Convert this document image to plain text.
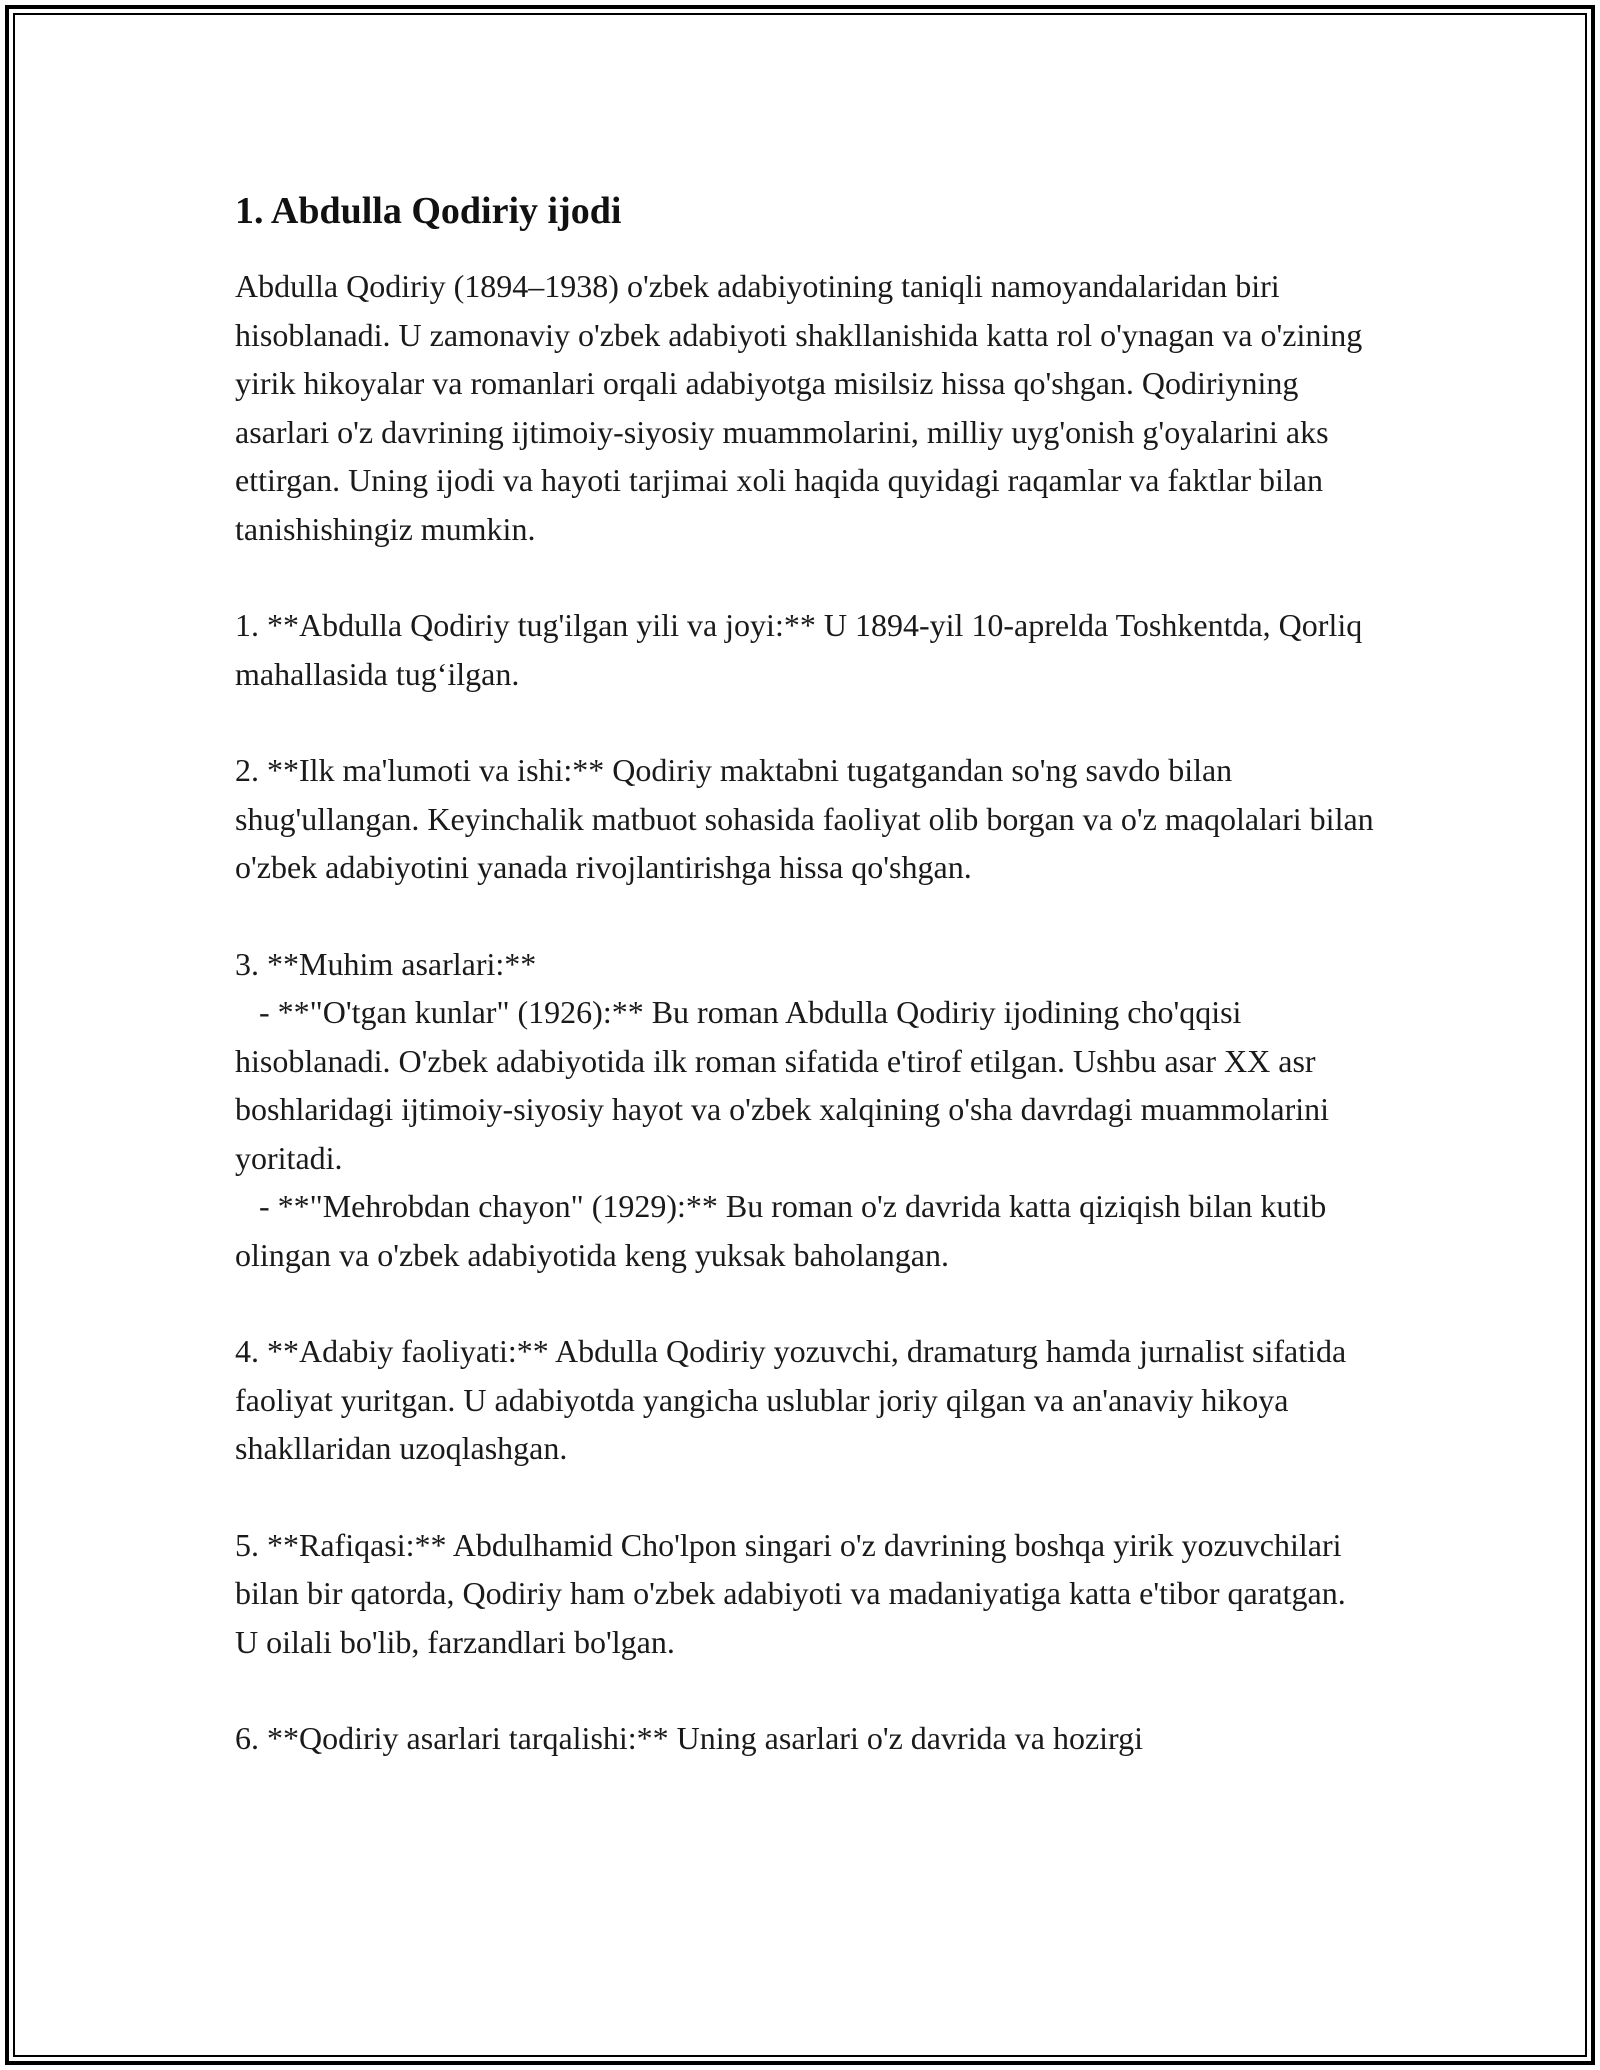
1. Abdulla Qodiriy ijodi

Abdulla Qodiriy (1894–1938) o'zbek adabiyotining taniqli namoyandalaridan biri hisoblanadi. U zamonaviy o'zbek adabiyoti shakllanishida katta rol o'ynagan va o'zining yirik hikoyalar va romanlari orqali adabiyotga misilsiz hissa qo'shgan. Qodiriyning asarlari o'z davrining ijtimoiy-siyosiy muammolarini, milliy uyg'onish g'oyalarini aks ettirgan. Uning ijodi va hayoti tarjimai xoli haqida quyidagi raqamlar va faktlar bilan tanishishingiz mumkin.

1. **Abdulla Qodiriy tug'ilgan yili va joyi:** U 1894-yil 10-aprelda Toshkentda, Qorliq mahallasida tug‘ilgan.

2. **Ilk ma'lumoti va ishi:** Qodiriy maktabni tugatgandan so'ng savdo bilan shug'ullangan. Keyinchalik matbuot sohasida faoliyat olib borgan va o'z maqolalari bilan o'zbek adabiyotini yanada rivojlantirishga hissa qo'shgan.

3. **Muhim asarlari:**
- **"O'tgan kunlar" (1926):** Bu roman Abdulla Qodiriy ijodining cho'qqisi hisoblanadi. O'zbek adabiyotida ilk roman sifatida e'tirof etilgan. Ushbu asar XX asr boshlaridagi ijtimoiy-siyosiy hayot va o'zbek xalqining o'sha davrdagi muammolarini yoritadi.
- **"Mehrobdan chayon" (1929):** Bu roman o'z davrida katta qiziqish bilan kutib olingan va o'zbek adabiyotida keng yuksak baholangan.

4. **Adabiy faoliyati:** Abdulla Qodiriy yozuvchi, dramaturg hamda jurnalist sifatida faoliyat yuritgan. U adabiyotda yangicha uslublar joriy qilgan va an'anaviy hikoya shakllaridan uzoqlashgan.

5. **Rafiqasi:** Abdulhamid Cho'lpon singari o'z davrining boshqa yirik yozuvchilari bilan bir qatorda, Qodiriy ham o'zbek adabiyoti va madaniyatiga katta e'tibor qaratgan. U oilali bo'lib, farzandlari bo'lgan.

6. **Qodiriy asarlari tarqalishi:** Uning asarlari o'z davrida va hozirgi
